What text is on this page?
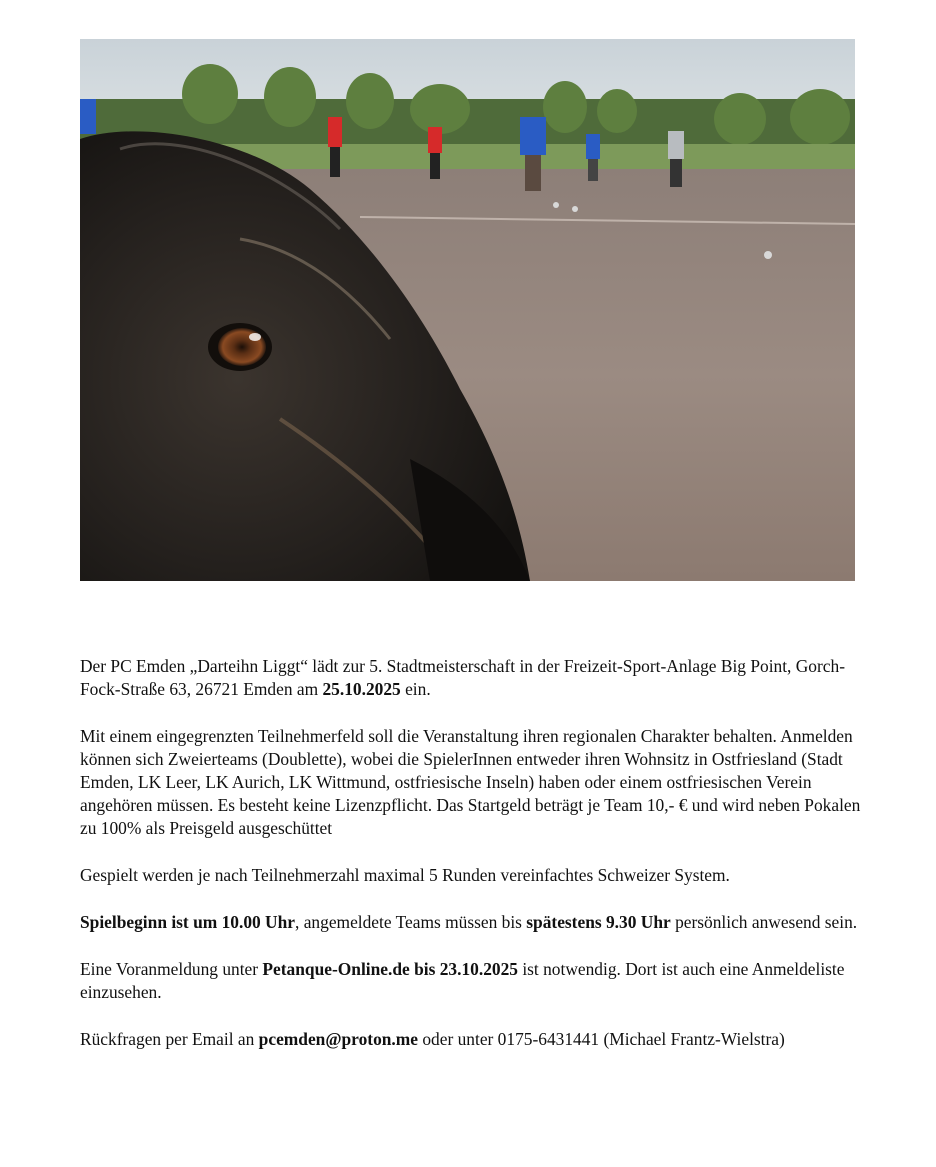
Der PC Emden „Darteihn Liggt“ lädt zur 5. Stadtmeisterschaft in der Freizeit-Sport-Anlage Big Point, Gorch-Fock-Straße 63, 26721 Emden am 25.10.2025 ein.

Mit einem eingegrenzten Teilnehmerfeld soll die Veranstaltung ihren regionalen Charakter behalten. Anmelden können sich Zweierteams (Doublette), wobei die SpielerInnen entweder ihren Wohnsitz in Ostfriesland (Stadt Emden, LK Leer, LK Aurich, LK Wittmund, ostfriesische Inseln) haben oder einem ostfriesischen Verein angehören müssen. Es besteht keine Lizenzpflicht. Das Startgeld beträgt je Team 10,- € und wird neben Pokalen zu 100% als Preisgeld ausgeschüttet

Gespielt werden je nach Teilnehmerzahl maximal 5 Runden vereinfachtes Schweizer System.

Spielbeginn ist um 10.00 Uhr, angemeldete Teams müssen bis spätestens 9.30 Uhr persönlich anwesend sein.

Eine Voranmeldung unter Petanque-Online.de bis 23.10.2025 ist notwendig. Dort ist auch eine Anmeldeliste einzusehen.

Rückfragen per Email an pcemden@proton.me oder unter 0175-6431441 (Michael Frantz-Wielstra)
